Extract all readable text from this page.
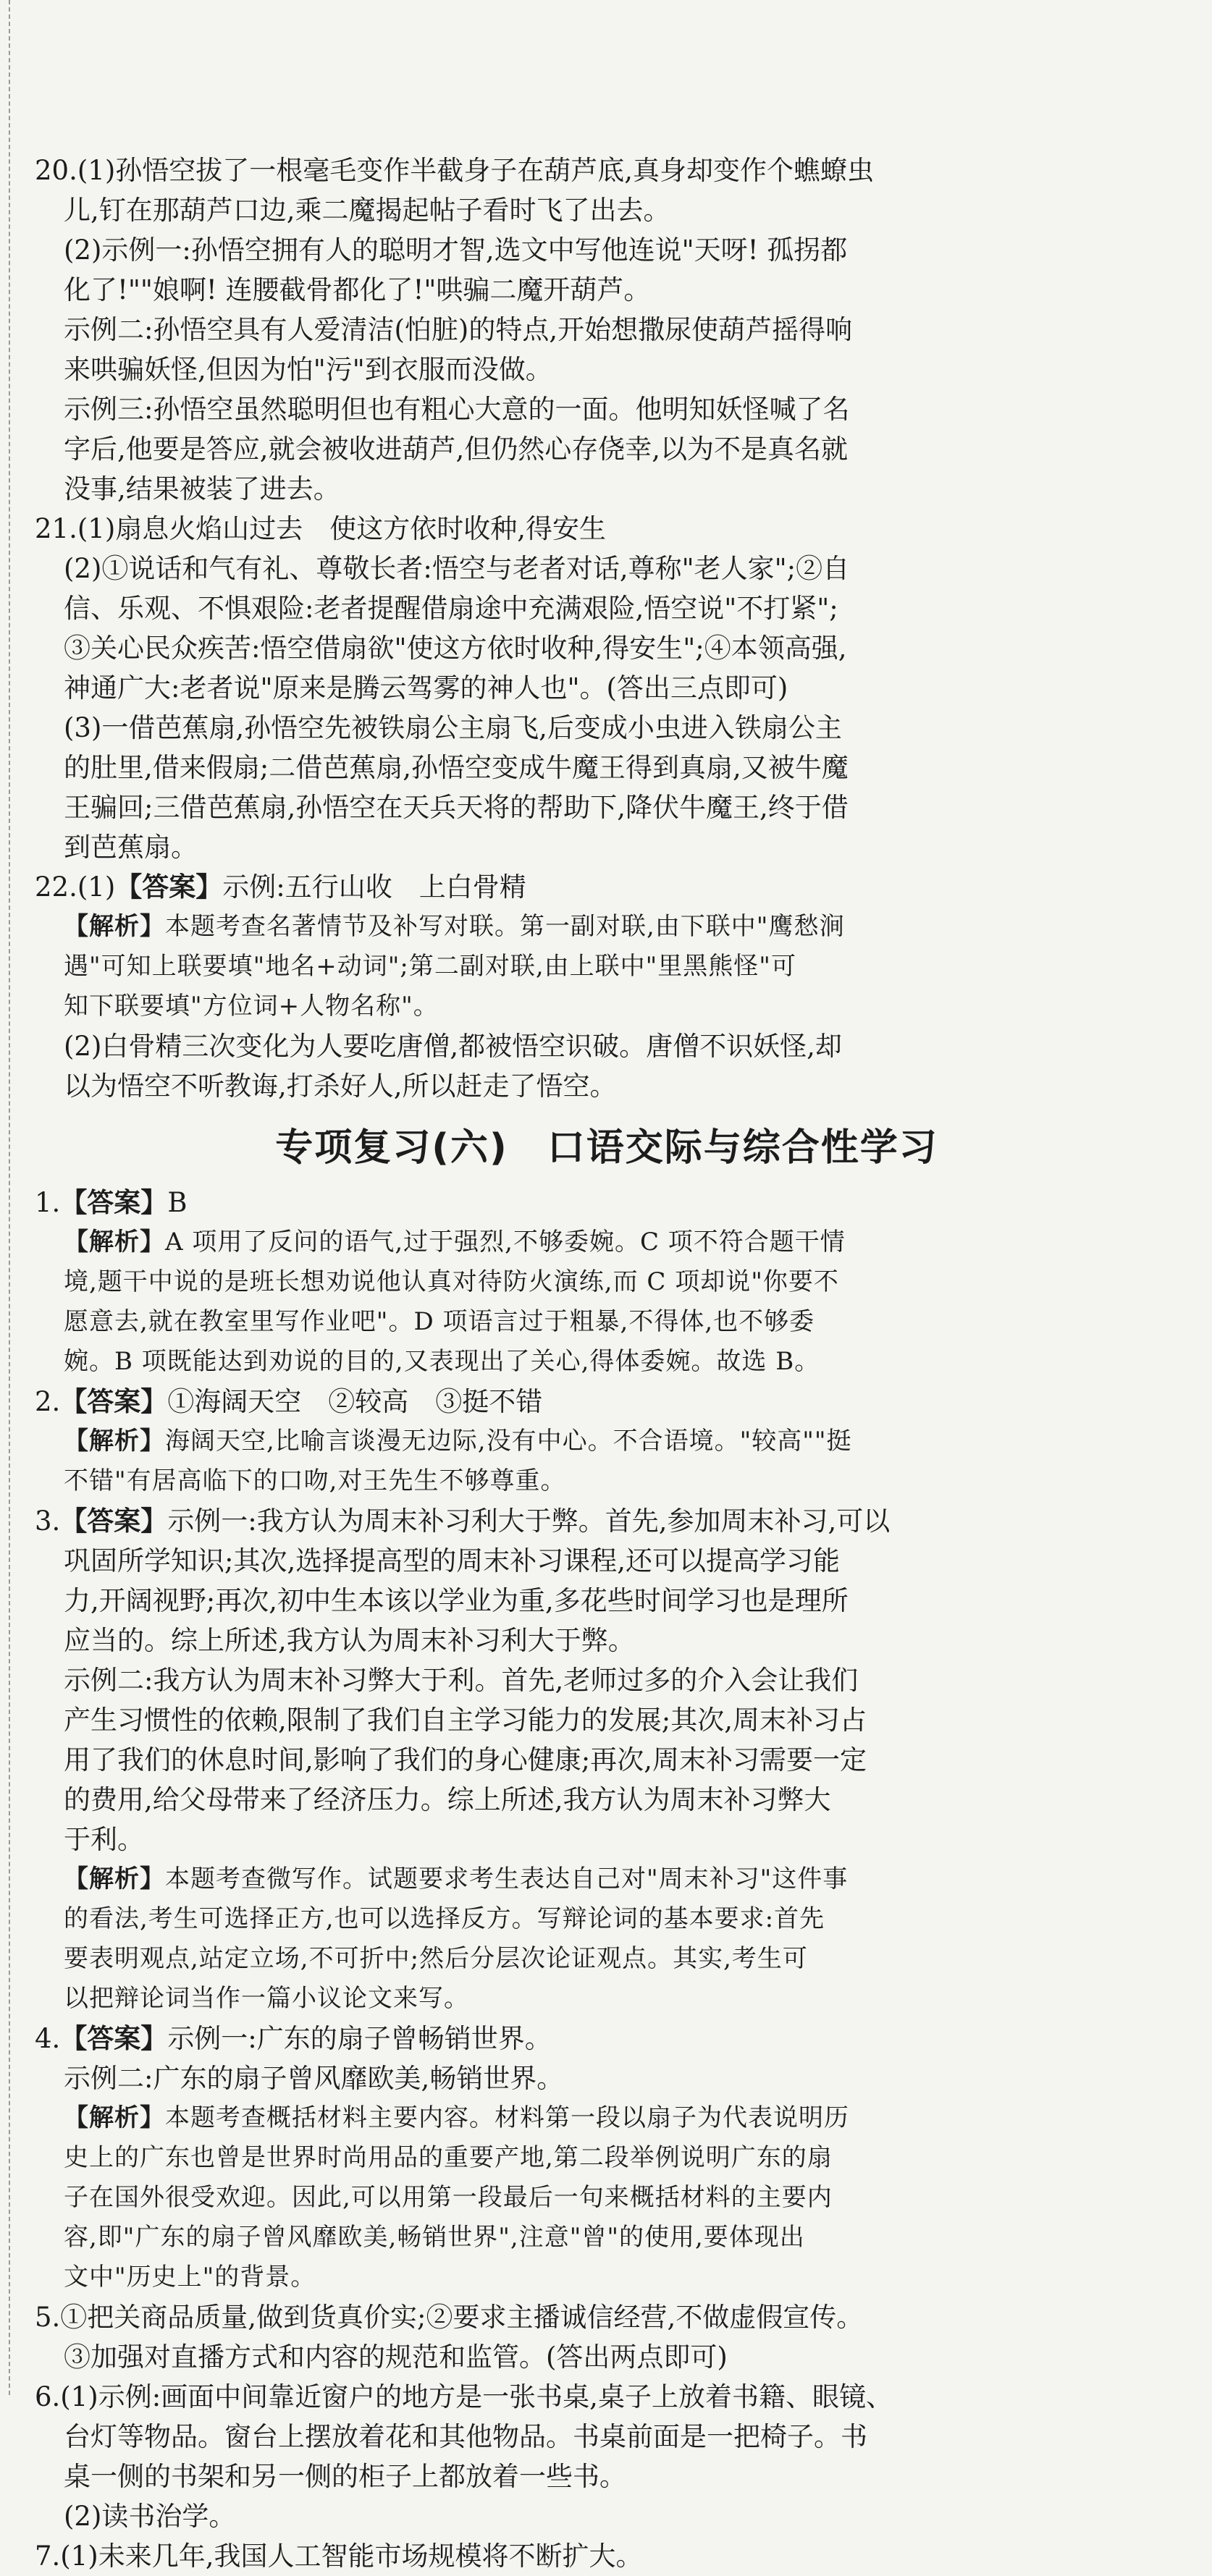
20.(1)孙悟空拔了一根毫毛变作半截身子在葫芦底,真身却变作个蟭蟟虫
儿,钉在那葫芦口边,乘二魔揭起帖子看时飞了出去。
(2)示例一:孙悟空拥有人的聪明才智,选文中写他连说"天呀! 孤拐都
化了!""娘啊! 连腰截骨都化了!"哄骗二魔开葫芦。
示例二:孙悟空具有人爱清洁(怕脏)的特点,开始想撒尿使葫芦摇得响
来哄骗妖怪,但因为怕"污"到衣服而没做。
示例三:孙悟空虽然聪明但也有粗心大意的一面。他明知妖怪喊了名
字后,他要是答应,就会被收进葫芦,但仍然心存侥幸,以为不是真名就
没事,结果被装了进去。
21.(1)扇息火焰山过去　使这方依时收种,得安生
(2)①说话和气有礼、尊敬长者:悟空与老者对话,尊称"老人家";②自
信、乐观、不惧艰险:老者提醒借扇途中充满艰险,悟空说"不打紧";
③关心民众疾苦:悟空借扇欲"使这方依时收种,得安生";④本领高强,
神通广大:老者说"原来是腾云驾雾的神人也"。(答出三点即可)
(3)一借芭蕉扇,孙悟空先被铁扇公主扇飞,后变成小虫进入铁扇公主
的肚里,借来假扇;二借芭蕉扇,孙悟空变成牛魔王得到真扇,又被牛魔
王骗回;三借芭蕉扇,孙悟空在天兵天将的帮助下,降伏牛魔王,终于借
到芭蕉扇。
22.(1)【答案】示例:五行山收　上白骨精
【解析】本题考查名著情节及补写对联。第一副对联,由下联中"鹰愁涧
遇"可知上联要填"地名+动词";第二副对联,由上联中"里黑熊怪"可
知下联要填"方位词+人物名称"。
(2)白骨精三次变化为人要吃唐僧,都被悟空识破。唐僧不识妖怪,却
以为悟空不听教诲,打杀好人,所以赶走了悟空。
专项复习(六)　口语交际与综合性学习
1.【答案】B
【解析】A 项用了反问的语气,过于强烈,不够委婉。C 项不符合题干情
境,题干中说的是班长想劝说他认真对待防火演练,而 C 项却说"你要不
愿意去,就在教室里写作业吧"。D 项语言过于粗暴,不得体,也不够委
婉。B 项既能达到劝说的目的,又表现出了关心,得体委婉。故选 B。
2.【答案】①海阔天空　②较高　③挺不错
【解析】海阔天空,比喻言谈漫无边际,没有中心。不合语境。"较高""挺
不错"有居高临下的口吻,对王先生不够尊重。
3.【答案】示例一:我方认为周末补习利大于弊。首先,参加周末补习,可以
巩固所学知识;其次,选择提高型的周末补习课程,还可以提高学习能
力,开阔视野;再次,初中生本该以学业为重,多花些时间学习也是理所
应当的。综上所述,我方认为周末补习利大于弊。
示例二:我方认为周末补习弊大于利。首先,老师过多的介入会让我们
产生习惯性的依赖,限制了我们自主学习能力的发展;其次,周末补习占
用了我们的休息时间,影响了我们的身心健康;再次,周末补习需要一定
的费用,给父母带来了经济压力。综上所述,我方认为周末补习弊大
于利。
【解析】本题考查微写作。试题要求考生表达自己对"周末补习"这件事
的看法,考生可选择正方,也可以选择反方。写辩论词的基本要求:首先
要表明观点,站定立场,不可折中;然后分层次论证观点。其实,考生可
以把辩论词当作一篇小议论文来写。
4.【答案】示例一:广东的扇子曾畅销世界。
示例二:广东的扇子曾风靡欧美,畅销世界。
【解析】本题考查概括材料主要内容。材料第一段以扇子为代表说明历
史上的广东也曾是世界时尚用品的重要产地,第二段举例说明广东的扇
子在国外很受欢迎。因此,可以用第一段最后一句来概括材料的主要内
容,即"广东的扇子曾风靡欧美,畅销世界",注意"曾"的使用,要体现出
文中"历史上"的背景。
5.①把关商品质量,做到货真价实;②要求主播诚信经营,不做虚假宣传。
③加强对直播方式和内容的规范和监管。(答出两点即可)
6.(1)示例:画面中间靠近窗户的地方是一张书桌,桌子上放着书籍、眼镜、
台灯等物品。窗台上摆放着花和其他物品。书桌前面是一把椅子。书
桌一侧的书架和另一侧的柜子上都放着一些书。
(2)读书治学。
7.(1)未来几年,我国人工智能市场规模将不断扩大。
